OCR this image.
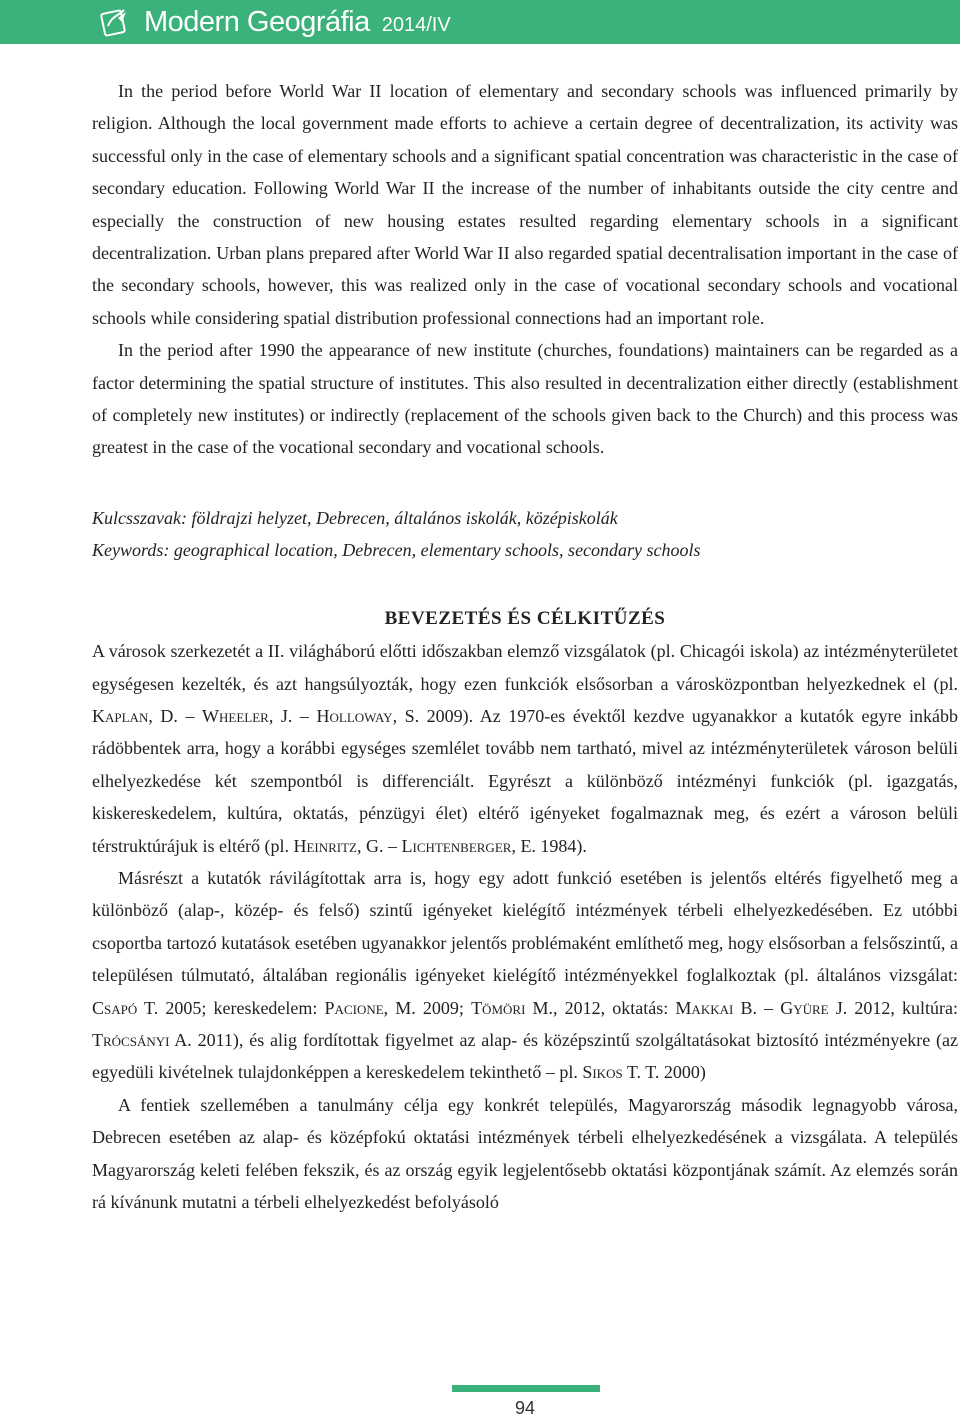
Modern Geográfia 2014/IV

In the period before World War II location of elementary and secondary schools was influenced primarily by religion. Although the local government made efforts to achieve a certain degree of decentralization, its activity was successful only in the case of elementary schools and a significant spatial concentration was characteristic in the case of secondary education. Following World War II the increase of the number of inhabitants outside the city centre and especially the construction of new housing estates resulted regarding elementary schools in a significant decentralization. Urban plans prepared after World War II also regarded spatial decentralisation important in the case of the secondary schools, however, this was realized only in the case of vocational secondary schools and vocational schools while considering spatial distribution professional connections had an important role.

In the period after 1990 the appearance of new institute (churches, foundations) maintainers can be regarded as a factor determining the spatial structure of institutes. This also resulted in decentralization either directly (establishment of completely new institutes) or indirectly (replacement of the schools given back to the Church) and this process was greatest in the case of the vocational secondary and vocational schools.

Kulcsszavak: földrajzi helyzet, Debrecen, általános iskolák, középiskolák

Keywords: geographical location, Debrecen, elementary schools, secondary schools

BEVEZETÉS ÉS CÉLKITŰZÉS

A városok szerkezetét a II. világháború előtti időszakban elemző vizsgálatok (pl. Chicagói iskola) az intézményterületet egységesen kezelték, és azt hangsúlyozták, hogy ezen funkciók elsősorban a városközpontban helyezkednek el (pl. Kaplan, D. – Wheeler, J. – Holloway, S. 2009). Az 1970-es évektől kezdve ugyanakkor a kutatók egyre inkább rádöbbentek arra, hogy a korábbi egységes szemlélet tovább nem tartható, mivel az intézményterületek városon belüli elhelyezkedése két szempontból is differenciált. Egyrészt a különböző intézményi funkciók (pl. igazgatás, kiskereskedelem, kultúra, oktatás, pénzügyi élet) eltérő igényeket fogalmaznak meg, és ezért a városon belüli térstruktúrájuk is eltérő (pl. Heinritz, G. – Lichtenberger, E. 1984).

Másrészt a kutatók rávilágítottak arra is, hogy egy adott funkció esetében is jelentős eltérés figyelhető meg a különböző (alap-, közép- és felső) szintű igényeket kielégítő intézmények térbeli elhelyezkedésében. Ez utóbbi csoportba tartozó kutatások esetében ugyanakkor jelentős problémaként említhető meg, hogy elsősorban a felsőszintű, a településen túlmutató, általában regionális igényeket kielégítő intézményekkel foglalkoztak (pl. általános vizsgálat: Csapó T. 2005; kereskedelem: Pacione, M. 2009; Tömöri M., 2012, oktatás: Makkai B. – Gyüre J. 2012, kultúra: Trócsányi A. 2011), és alig fordítottak figyelmet az alap- és középszintű szolgáltatásokat biztosító intézményekre (az egyedüli kivételnek tulajdonképpen a kereskedelem tekinthető – pl. Sikos T. T. 2000)

A fentiek szellemében a tanulmány célja egy konkrét település, Magyarország második legnagyobb városa, Debrecen esetében az alap- és középfokú oktatási intézmények térbeli elhelyezkedésének a vizsgálata. A település Magyarország keleti felében fekszik, és az ország egyik legjelentősebb oktatási központjának számít. Az elemzés során rá kívánunk mutatni a térbeli elhelyezkedést befolyásoló

94
